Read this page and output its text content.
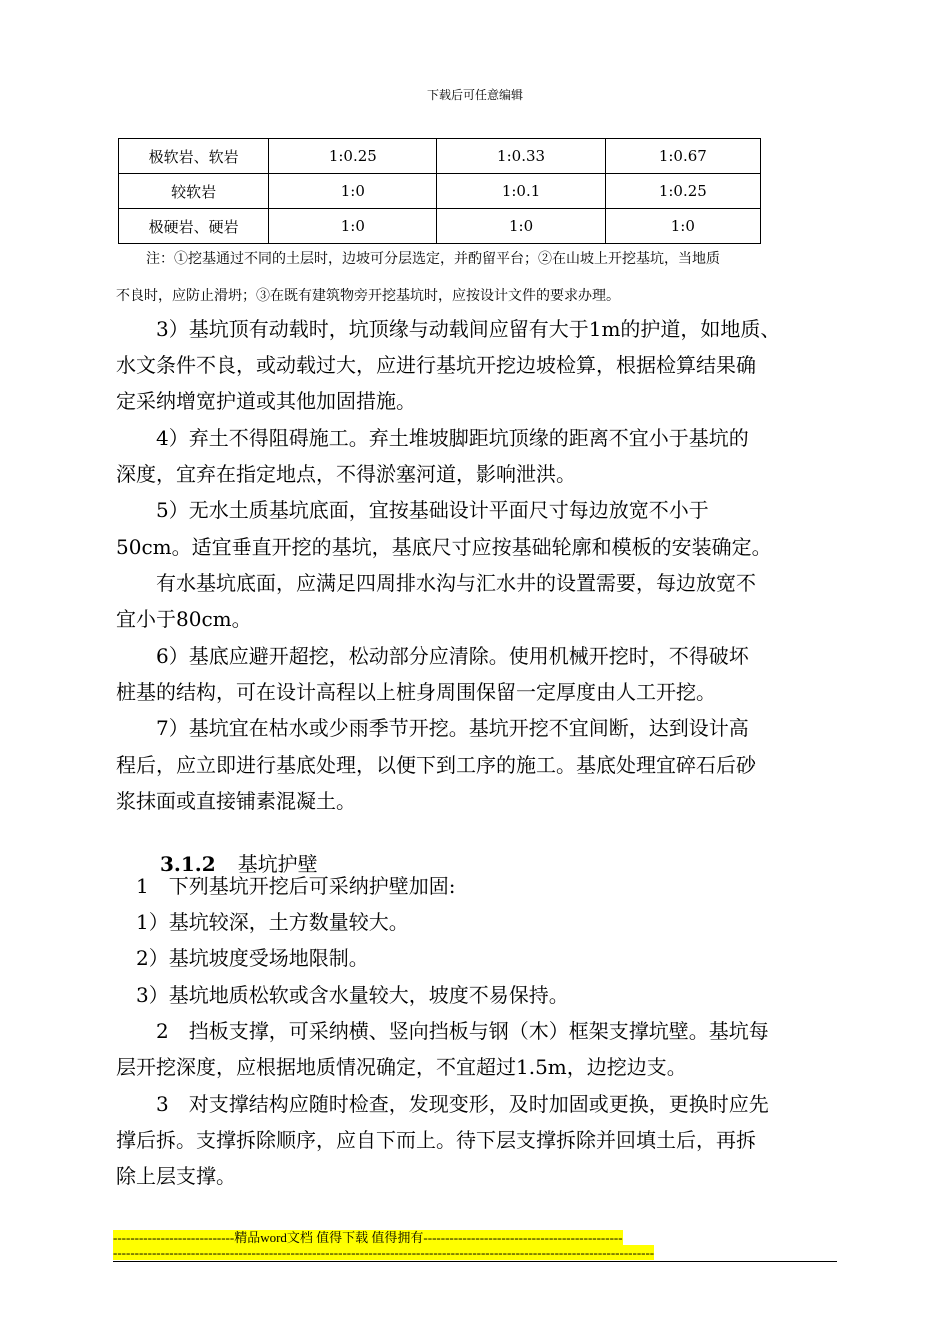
下载后可任意编辑
极软岩、软岩	1:0.25	1:0.33	1:0.67
较软岩	1:0	1:0.1	1:0.25
极硬岩、硬岩	1:0	1:0	1:0
注：①挖基通过不同的土层时，边坡可分层选定，并酌留平台；②在山坡上开挖基坑，当地质
不良时，应防止滑坍；③在既有建筑物旁开挖基坑时，应按设计文件的要求办理。
　　3）基坑顶有动载时，坑顶缘与动载间应留有大于1m的护道，如地质、
水文条件不良，或动载过大，应进行基坑开挖边坡检算，根据检算结果确
定采纳增宽护道或其他加固措施。
　　4）弃土不得阻碍施工。弃土堆坡脚距坑顶缘的距离不宜小于基坑的
深度，宜弃在指定地点，不得淤塞河道，影响泄洪。
　　5）无水土质基坑底面，宜按基础设计平面尺寸每边放宽不小于
50cm。适宜垂直开挖的基坑，基底尺寸应按基础轮廓和模板的安装确定。
　　有水基坑底面，应满足四周排水沟与汇水井的设置需要，每边放宽不
宜小于80cm。
　　6）基底应避开超挖，松动部分应清除。使用机械开挖时，不得破坏
桩基的结构，可在设计高程以上桩身周围保留一定厚度由人工开挖。
　　7）基坑宜在枯水或少雨季节开挖。基坑开挖不宜间断，达到设计高
程后，应立即进行基底处理，以便下到工序的施工。基底处理宜碎石后砂
浆抹面或直接铺素混凝土。
3.1.2 基坑护壁
　1　下列基坑开挖后可采纳护壁加固:
　1）基坑较深，土方数量较大。
　2）基坑坡度受场地限制。
　3）基坑地质松软或含水量较大，坡度不易保持。
　　2　挡板支撑，可采纳横、竖向挡板与钢（木）框架支撑坑壁。基坑每
层开挖深度，应根据地质情况确定，不宜超过1.5m，边挖边支。
　　3　对支撑结构应随时检查，发现变形，及时加固或更换，更换时应先
撑后拆。支撑拆除顺序，应自下而上。待下层支撑拆除并回填土后，再拆
除上层支撑。
----------------------------精品word文档 值得下载 值得拥有----------------------------------------------
-----------------------------------------------------------------------------------------------------------------------------
